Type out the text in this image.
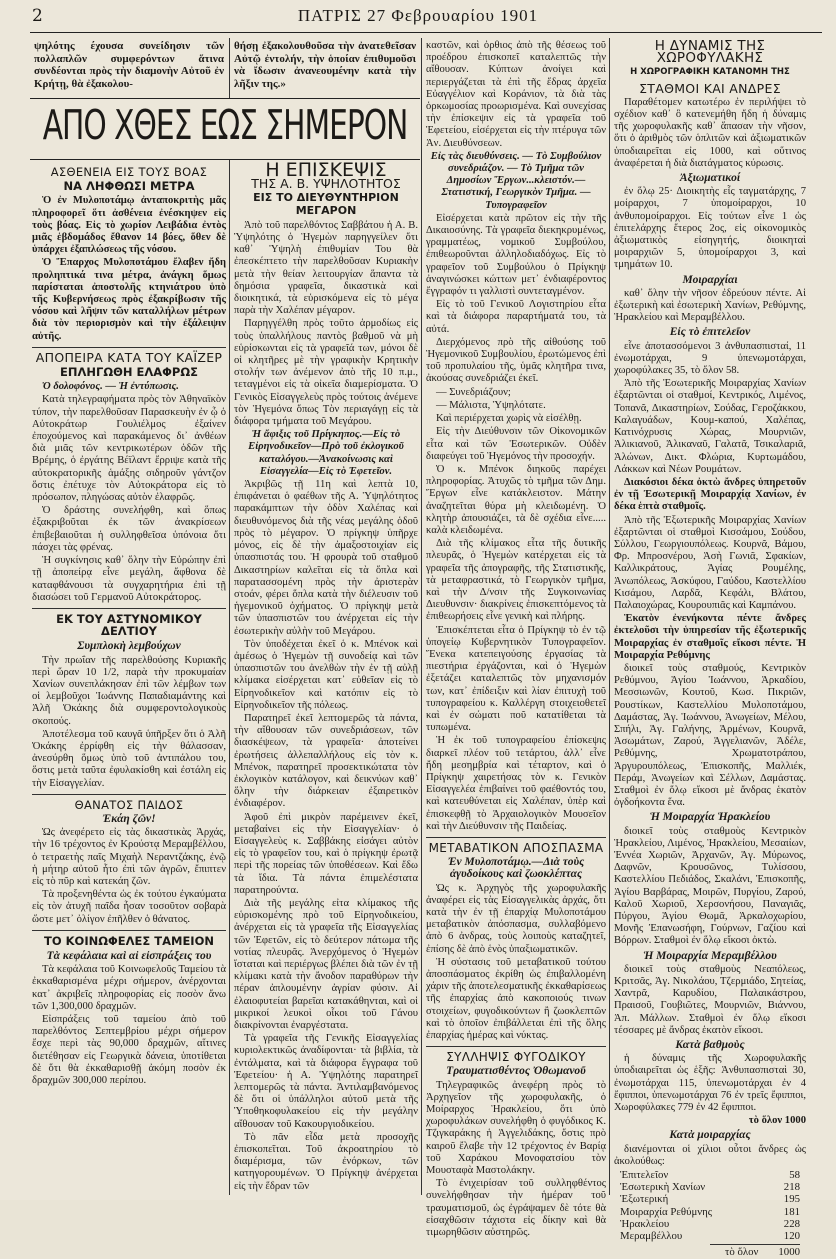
2	ΠΑΤΡΙΣ 27 Φεβρουαρίου 1901

ψηλότης έχουσα συνείδησιν τῶν πολλαπλῶν συμφερόντων ἅτινα συνδέονται πρὸς τὴν διαμονὴν Αὐτοῦ ἐν Κρήτῃ, θὰ ἐξακολου-

θήσῃ ἐξακολουθοῦσα τὴν ἀνατεθεῖσαν Αὐτῷ ἐντολήν, τὴν ὁποίαν ἐπιθυμοῦσι νὰ ἴδωσιν ἀνανεουμένην κατὰ τὴν λῆξιν της.»

ΑΠΟ ΧΘΕΣ ΕΩΣ ΣΗΜΕΡΟΝ
ΑΣΘΕΝΕΙΑ ΕΙΣ ΤΟΥΣ ΒΟΑΣ
ΝΑ ΛΗΦΘΩΣΙ ΜΕΤΡΑ

Ὁ ἐν Μυλοποτάμῳ ἀνταποκριτὴς μᾶς πληροφορεῖ ὅτι ἀσθένεια ἐνέσκηψεν εἰς τοὺς βόας. Εἰς τὸ χωρίον Λειβάδια ἐντὸς μιᾶς ἑβδομάδος ἔθανον 14 βόες, ὅθεν δὲ ὑπάρχει ἐξαπλώσεως τῆς νόσου.

Ὁ Ἔπαρχος Μυλοποτάμου ἔλαβεν ἤδη προληπτικά τινα μέτρα, ἀνάγκη ὅμως παρίσταται ἀποστολῆς κτηνιάτρου ὑπὸ τῆς Κυβερνήσεως πρὸς ἐξακρίβωσιν τῆς νόσου καὶ λῆψιν τῶν καταλλήλων μέτρων διὰ τὸν περιορισμὸν καὶ τὴν ἐξάλειψιν αὐτῆς.

ΑΠΟΠΕΙΡΑ ΚΑΤΑ ΤΟΥ ΚΑΪΖΕΡ
ΕΠΛΗΓΩΘΗ ΕΛΑΦΡΩΣ

Ὁ δολοφόνος. — Ἡ ἐντύπωσις.

Κατὰ τηλεγραφήματα πρὸς τὸν Ἀθηναϊκὸν τύπον, τὴν παρελθοῦσαν Παρασκευὴν ἐν ᾧ ὁ Αὐτοκράτωρ Γουλιέλμος ἐξαίνεν ἐποχούμενος καὶ παρακάμενος δι᾽ ἀνθέων διὰ μιᾶς τῶν κεντρικωτέρων ὁδῶν τῆς Βρέμης, ὁ ἐργάτης Βέϊλαντ ἔρριψε κατὰ τῆς αὐτοκρατορικῆς ἁμάξης σιδηροῦν γάντζον ὅστις ἐπέτυχε τὸν Αὐτοκράτορα εἰς τὸ πρόσωπον, πληγώσας αὐτὸν ἐλαφρῶς.

Ὁ δράστης συνελήφθη, καὶ ὅπως ἐξακριβοῦται ἐκ τῶν ἀνακρίσεων ἐπιβεβαιοῦται ἡ συλληφθεῖσα ὑπόνοια ὅτι πάσχει τὰς φρένας.

Ἡ συγκίνησις καθ᾽ ὅλην τὴν Εὐρώπην ἐπὶ τῇ ἀποπείρᾳ εἶνε μεγάλη, ἄφθονα δὲ καταφθάνουσι τὰ συγχαρητήρια ἐπὶ τῇ διασώσει τοῦ Γερμανοῦ Αὐτοκράτορος.

ΕΚ ΤΟΥ ΑΣΤΥΝΟΜΙΚΟΥ ΔΕΛΤΙΟΥ
Συμπλοκὴ λεμβούχων

Τὴν πρωΐαν τῆς παρελθούσης Κυριακῆς περὶ ὥραν 10 1/2, παρὰ τὴν προκυμαίαν Χανίων συνεπλάκησαν ἐπὶ τῶν λέμβων των οἱ λεμβοῦχοι Ἰωάννης Παπαδιαμάντης καὶ Ἀλῆ Ὀκάκης διὰ συμφεροντολογικοὺς σκοπούς.

Ἀποτέλεσμα τοῦ καυγᾶ ὑπῆρξεν ὅτι ὁ Ἀλῆ Ὀκάκης ἐρρίφθη εἰς τὴν θάλασσαν, ἀνεσύρθη ὅμως ὑπὸ τοῦ ἀντιπάλου του, ὅστις μετὰ ταῦτα ἐφυλακίσθη καὶ ἐστάλη εἰς τὴν Εἰσαγγελίαν.

ΘΑΝΑΤΟΣ ΠΑΙΔΟΣ
Ἐκάη ζῶν!

Ὡς ἀνεφέρετο εἰς τὰς δικαστικὰς Ἀρχάς, τὴν 16 τρέχοντος ἐν Κρούστᾳ Μεραμβέλλου, ὁ τετραετὴς παῖς Μιχαὴλ Νεραντζάκης, ἐνῷ ἡ μήτηρ αὐτοῦ ἦτο ἐπὶ τῶν ἀγρῶν, ἔπιπτεν εἰς τὸ πῦρ καὶ κατεκάη ζῶν.

Τὰ προξενηθέντα ὡς ἐκ τούτου ἐγκαύματα εἰς τὸν ἀτυχῆ παῖδα ἦσαν τοσοῦτον σοβαρὰ ὥστε μετ᾽ ὀλίγον ἐπῆλθεν ὁ θάνατος.

ΤΟ ΚΟΙΝΩΦΕΛΕΣ ΤΑΜΕΙΟΝ
Τὰ κεφάλαια καὶ αἱ εἰσπράξεις του

Τὰ κεφάλαια τοῦ Κοινωφελοῦς Ταμείου τὰ ἐκκαθαρισμένα μέχρι σήμερον, ἀνέρχονται κατ᾽ ἀκριβεῖς πληροφορίας εἰς ποσὸν ἄνω τῶν 1,300,000 δραχμῶν.

Εἰσπράξεις τοῦ ταμείου ἀπὸ τοῦ παρελθόντος Σεπτεμβρίου μέχρι σήμερον ἔσχε περὶ τὰς 90,000 δραχμῶν, αἵτινες διετέθησαν εἰς Γεωργικὰ δάνεια, ὑποτίθεται δὲ ὅτι θὰ ἐκκαθαρισθῇ ἀκόμη ποσὸν ἐκ δραχμῶν 300,000 περίπου.

Η ΕΠΙΣΚΕΨΙΣ
ΤΗΣ Α. Β. ΥΨΗΛΟΤΗΤΟΣ
ΕΙΣ ΤΟ ΔΙΕΥΘΥΝΤΗΡΙΟΝ ΜΕΓΑΡΟΝ

Ἀπὸ τοῦ παρελθόντος Σαββάτου ἡ Α. Β. Ὑψηλότης ὁ Ἡγεμὼν παρηγγείλεν ὅτι καθ᾽ Ὑψηλὴ ἐπιθυμίαν Του θὰ ἐπεσκέπτετο τὴν παρελθοῦσαν Κυριακὴν μετὰ τὴν θείαν λειτουργίαν ἅπαντα τὰ δημόσια γραφεῖα, δικαστικὰ καὶ διοικητικά, τὰ εὑρισκόμενα εἰς τὸ μέγα παρὰ τὴν Χαλέπαν μέγαρον.

Παρηγγέλθη πρὸς τοῦτο ἁρμοδίως εἰς τοὺς ὑπαλλήλους παντὸς βαθμοῦ νὰ μὴ εὑρίσκωνται εἰς τὰ γραφεῖά των, μόνοι δὲ οἱ κλητῆρες μὲ τὴν γραφικὴν Κρητικὴν στολήν των ἀνέμενον ἀπὸ τῆς 10 π.μ., τεταγμένοι εἰς τὰ οἰκεῖα διαμερίσματα. Ὁ Γενικὸς Εἰσαγγελεὺς πρὸς τούτοις ἀνέμενε τὸν Ἡγεμόνα ὅπως Τὸν περιαγάγῃ εἰς τὰ διάφορα τμήματα τοῦ Μεγάρου.

Ἡ ἄφιξις τοῦ Πρίγκηπος.—Εἰς τὸ Εἰρηνοδικεῖον—Πρὸ τοῦ ἐκλογικοῦ καταλόγου.—Ἀνακοίνωσις καὶ Εἰσαγγελία—Εἰς τὸ Ἐφετεῖον.

Ἀκριβῶς τῇ 11η καὶ λεπτὰ 10, ἐπιφάνεται ὁ φαέθων τῆς Α. Ὑψηλότητος παρακάμπτων τὴν ὁδὸν Χαλέπας καὶ διευθυνόμενος διὰ τῆς νέας μεγάλης ὁδοῦ πρὸς τὸ μέγαρον. Ὁ πρίγκηψ ὑπῆρχε μόνος, εἰς δὲ τὴν ἀμαξοστοιχίαν εἰς ὑπασπιστάς του. Ἡ φρουρὰ τοῦ σταθμοῦ Δικαστηρίων καλεῖται εἰς τὰ ὅπλα καὶ παρατασσομένη πρὸς τὴν ἀριστερὰν στοάν, φέρει ὅπλα κατὰ τὴν διέλευσιν τοῦ ἡγεμονικοῦ ὀχήματος. Ὁ πρίγκηψ μετὰ τῶν ὑπασπιστῶν του ἀνέρχεται εἰς τὴν ἐσωτερικὴν αὐλὴν τοῦ Μεγάρου.

Τὸν ὑποδέχεται ἐκεῖ ὁ κ. Μπένοκ καὶ ἀμέσως ὁ Ἡγεμὼν τῇ συνοδείᾳ καὶ τῶν ὑπασπιστῶν του ἀνελθὼν τὴν ἐν τῇ αὐλῇ κλίμακα εἰσέρχεται κατ᾽ εὐθεῖαν εἰς τὸ Εἰρηνοδικεῖον καὶ κατόπιν εἰς τὸ Εἰρηνοδικεῖον τῆς πόλεως.

Παρατηρεῖ ἐκεῖ λεπτομερῶς τὰ πάντα, τὴν αἴθουσαν τῶν συνεδριάσεων, τῶν διασκέψεων, τὰ γραφεῖα· ἀποτείνει ἐρωτήσεις ἀλλεπαλλήλους εἰς τὸν κ. Μπένοκ, παρατηρεῖ προσεκτικώτατα τὸν ἐκλογικὸν κατάλογον, καὶ δεικνύων καθ᾽ ὅλην τὴν διάρκειαν ἐξαιρετικὸν ἐνδιαφέρον.

Ἀφοῦ ἐπὶ μικρὸν παρέμεινεν ἐκεῖ, μεταβαίνει εἰς τὴν Εἰσαγγελίαν· ὁ Εἰσαγγελεὺς κ. Σαββάκης εἰσάγει αὐτὸν εἰς τὸ γραφεῖον του, καὶ ὁ πρίγκηψ ἐρωτᾷ περὶ τῆς πορείας τῶν ὑποθέσεων. Καὶ ἔδω τὰ ἴδια. Τὰ πάντα ἐπιμελέστατα παρατηρούντα.

Διὰ τῆς μεγάλης εἰτα κλίμακος τῆς εὑρισκομένης πρὸ τοῦ Εἰρηνοδικείου, ἀνέρχεται εἰς τὰ γραφεῖα τῆς Εἰσαγγελίας τῶν Ἐφετῶν, εἰς τὸ δεύτερον πάτωμα τῆς νοτίας πλευρᾶς. Ἀνερχόμενος ὁ Ἡγεμὼν ἵσταται καὶ περιέργως βλέπει διὰ τῶν ἐν τῇ κλίμακι κατὰ τὴν ἄνοδον παραθύρων τὴν πέραν ἀπλουμένην ἀγρίαν φύσιν. Αἱ ἐλαιοφυτείαι βαρεῖαι κατακάθηνται, καὶ οἱ μικρικοί λευκοὶ οἶκοι τοῦ Γάνου διακρίνονται ἐναργέστατα.

Τὰ γραφεῖα τῆς Γενικῆς Εἰσαγγελίας κυριολεκτικῶς ἀναδίφονται· τὰ βιβλία, τὰ ἐντάλματα, καὶ τὰ διάφορα ἔγγραφα τοῦ Ἐφετείου· ἡ Α. Ὑψηλότης παρατηρεῖ λεπτομερῶς τὰ πάντα. Ἀντιλαμβανόμενος δὲ ὅτι οἱ ὑπάλληλοι αὐτοῦ μετὰ τῆς Ὑποθηκοφυλακείου εἰς τὴν μεγάλην αἴθουσαν τοῦ Κακουργιοδικείου.

Τὸ πᾶν εἶδα μετὰ προσοχῆς ἐπισκοπεῖται. Τοῦ ἀκροατηρίου τὸ διαμέρισμα, τῶν ἐνόρκων, τῶν κατηγορουμένων. Ὁ Πρίγκηψ ἀνέρχεται εἰς τὴν ἕδραν τῶν

καστῶν, καὶ ὀρθιος ἀπὸ τῆς θέσεως τοῦ προέδρου ἐπισκοπεῖ καταλεπτῶς τὴν αἴθουσαν. Κύπτων ἀνοίγει καὶ περιεργάζεται τὰ ἐπὶ τῆς ἕδρας ἀρχεῖα Εὐαγγέλιον καὶ Κοράνιον, τὰ διὰ τὰς ὁρκωμοσίας προωρισμένα. Καὶ συνεχίσας τὴν ἐπίσκεψιν εἰς τὰ γραφεῖα τοῦ Ἐφετείου, εἰσέρχεται εἰς τὴν πτέρυγα τῶν Ἀν. Διευθύνσεων.

Εἰς τὰς διευθύνσεις. — Τὸ Συμβούλιον συνεδριάζον. — Τὸ Τμῆμα τῶν Δημοσίων Ἔργων...κλειστόν.— Στατιστική, Γεωργικὸν Τμῆμα. — Τυπογραφεῖον

Εἰσέρχεται κατὰ πρῶτον εἰς τὴν τῆς Δικαιοσύνης. Τὰ γραφεῖα διεκηκρυμένως, γραμματέως, νομικοῦ Συμβούλου, ἐπιθεωροῦνται ἀλληλοδιαδόχως. Εἰς τὸ γραφεῖον τοῦ Συμβούλου ὁ Πρίγκηψ ἀναγινώσκει κώττων μετ᾽ ἐνδιαφέροντος ἔγγραφόν τι γαλλιστὶ συντεταγμένον.

Εἰς τὸ τοῦ Γενικοῦ Λογιστηρίου εἶτα καὶ τὰ διάφορα παραρτήματά του, τὰ αὐτά.

Διερχόμενος πρὸ τῆς αἰθούσης τοῦ Ἡγεμονικοῦ Συμβουλίου, ἐρωτώμενος ἐπὶ τοῦ προπυλαίου τῆς, ὑμᾶς κλητῆρα τινα, ἀκούσας συνεδριάζει ἐκεῖ.

— Συνεδριάζουν;

— Μάλιστα, Ὑψηλότατε.

Καὶ περιέρχεται χωρὶς νὰ εἰσέλθῃ.

Εἰς τὴν Διεύθυνσιν τῶν Οἰκονομικῶν εἶτα καὶ τῶν Ἐσωτερικῶν. Οὐδὲν διαφεύγει τοῦ Ἡγεμόνος τὴν προσοχήν.

Ὁ κ. Μπένοκ διηκοῦς παρέχει πληροφορίας. Ἀτυχῶς τὸ τμῆμα τῶν Δημ. Ἔργων εἶνε κατάκλειστον. Μάτην ἀναζητεῖται θύρα μὴ κλειδωμένη. Ὁ κλητὴρ ἀπουσιάζει, τὰ δὲ σχέδια εἶνε..... καλὰ κλειδωμένα.

Διὰ τῆς κλίμακος εἶτα τῆς δυτικῆς πλευρᾶς, ὁ Ἡγεμὼν κατέρχεται εἰς τὰ γραφεῖα τῆς ἀπογραφῆς, τῆς Στατιστικῆς, τὰ μεταφραστικά, τὸ Γεωργικὸν τμῆμα, καὶ τὴν Δ/νσιν τῆς Συγκοινωνίας Διευθυνσιν· διακρίνεις ἐπισκεπτόμενος τὰ ἐπιθεωρήσεις εἶνε γενικὴ καὶ πλήρης.

Ἐπισκέπτεται εἶτα ὁ Πρίγκηψ τὸ ἐν τῷ ὑπογείῳ Κυβερνητικὸν Τυπογραφεῖον. Ἕνεκα κατεπειγούσης ἐργασίας τὰ πιεστήρια ἐργάζονται, καὶ ὁ Ἡγεμὼν ἐξετάζει καταλεπτῶς τὸν μηχανισμόν των, κατ᾽ ἐπίδειξιν καὶ λίαν ἐπιτυχὴ τοῦ τυπογραφείου κ. Καλλέργη στοιχειοθετεῖ καὶ ἐν σώματι ποῦ κατατίθεται τὰ τυπωμένα.

Ἡ ἐκ τοῦ τυπογραφείου ἐπίσκεψις διαρκεῖ πλέον τοῦ τετάρτου, ἀλλ᾽ εἶνε ἤδη μεσημβρία καὶ τέταρτον, καὶ ὁ Πρίγκηψ χαιρετήσας τὸν κ. Γενικὸν Εἰσαγγελέα ἐπιβαίνει τοῦ φαέθοντός του, καὶ κατευθύνεται εἰς Χαλέπαν, ὑπὲρ καὶ ἐπισκεφθῇ τὸ Ἀρχαιολογικὸν Μουσεῖον καὶ τὴν Διεύθυνσιν τῆς Παιδείας.

ΜΕΤΑΒΑΤΙΚΟΝ ΑΠΟΣΠΑΣΜΑ
Ἐν Μυλοποτάμῳ.—Διὰ τοὺς ἀγυδοίκους καὶ ζωοκλέπτας

Ὡς κ. Ἀρχηγὸς τῆς χωροφυλακῆς ἀναφέρει εἰς τὰς Εἰσαγγελικὰς ἀρχάς, ὅτι κατὰ τὴν ἐν τῇ ἐπαρχίᾳ Μυλοποτάμου μεταβατικὸν ἀπόσπασμα, συλλαβόμενο ἀπὸ 6 ἀνδρας, τοὺς λοιποὺς καταζητεῖ, ἐπίσης δὲ ἀπὸ ἑνὸς ὑπαξιωματικῶν.

Ἡ σύστασις τοῦ μεταβατικοῦ τούτου ἀποσπάσματος ἐκρίθη ὡς ἐπιβαλλομένη χάριν τῆς ἀποτελεσματικῆς ἐκκαθαρίσεως τῆς ἐπαρχίας ἀπὸ κακοποιούς τινων στοιχείων, φυγοδικούντων ἢ ζωοκλεπτῶν καὶ τὸ ὁποῖον ἐπιβάλλεται ἐπὶ τῆς ὅλης ἐπαρχίας ἡμέρας καὶ νύκτας.

ΣΥΛΛΗΨΙΣ ΦΥΓΟΔΙΚΟΥ
Τραυματισθέντος Ὀθωμανοῦ

Τηλεγραφικῶς ἀνεφέρη πρὸς τὸ Ἀρχηγεῖον τῆς χωροφυλακῆς, ὁ Μοίραρχος Ἡρακλείου, ὅτι ὑπὸ χωροφυλάκων συνελήφθη ὁ φυγόδικος Κ. Τζιγκαράκης ἡ Ἀγγελιδάκης, ὅστις πρὸ καιροῦ ἔλαβε τὴν 12 τρέχοντος ἐν Βαρίᾳ τοῦ Χαράκου Μονοφατσίου τὸν Μουσταφὰ Μαστολάκην.

Τὸ ἐνιχειρίσαν τοῦ συλληφθέντος συνελήφθησαν τὴν ἡμέραν τοῦ τραυματισμοῦ, ὡς ἐγράψαμεν δὲ τότε θὰ εἰσαχθῶσιν τάχιστα εἰς δίκην καὶ θὰ τιμωρηθῶσιν αὐστηρῶς.

Η ΔΥΝΑΜΙΣ ΤΗΣ ΧΩΡΟΦΥΛΑΚΗΣ
Η ΧΩΡΟΓΡΑΦΙΚΗ ΚΑΤΑΝΟΜΗ ΤΗΣ
ΣΤΑΘΜΟΙ ΚΑΙ ΑΝΔΡΕΣ

Παραθέτομεν κατωτέρω ἐν περιλήψει τὸ σχέδιον καθ᾽ ὃ κατενεμήθη ἤδη ἡ δύναμις τῆς χωροφυλακῆς καθ᾽ ἅπασαν τὴν νῆσον, ὅτι ὁ ἀριθμὸς τῶν ὁπλιτῶν καὶ ἀξιωματικῶν ὑποδιαιρεῖται εἰς 1000, καὶ οὕτινος ἀναφέρεται ἡ διὰ διατάγματος κύρωσις.

Ἀξιωματικοί

ἐν ὅλῳ 25· Διοικητὴς εἷς ταγματάρχης, 7 μοίραρχοι, 7 ὑπομοίραρχοι, 10 ἀνθυπομοίραρχοι. Εἰς τούτων εἶνε 1 ὡς ἐπιτελάρχης ἕτερος 2ος, εἰς οἰκονομικὸς ἀξιωματικὸς εἰσηγητής, διοικηταὶ μοιραρχιῶν 5, ὑπομοίραρχοι 3, καὶ τμημάτων 10.

Μοιραρχίαι

καθ᾽ ὅλην τὴν νῆσον ἐδρεύουν πέντε. Αἱ ἐξωτερικὴ καὶ ἐσωτερικὴ Χανίων, Ρεθύμνης, Ἡρακλείου καὶ Μεραμβέλλου.

Εἰς τὸ ἐπιτελεῖον

εἶνε ἀποτασσόμενοι 3 ἀνθυπασπισταί, 11 ἐνωμοτάρχαι, 9 ὑπενωμοτάρχαι, χωροφύλακες 35, τὸ ὅλον 58.

Ἀπὸ τῆς Ἐσωτερικῆς Μοιραρχίας Χανίων ἐξαρτῶνται οἱ σταθμοί, Κεντρικός, Λιμένος, Τοπανᾶ, Δικαστηρίων, Σούδας, Γεροζάκκου, Καλαγυάδων, Κουμ-καπού, Χαλέπας, Κατινόχρυσις Χώρας, Μουρνιῶν, Ἁλικιανοῦ, Ἀλικαναῦ, Γαλατᾶ, Τσικαλαριᾶ, Ἀλώνων, Δικτ. Φλώρια, Κυρτωμάδου, Λάκκων καὶ Νέων Ρουμάτων.

Διακόσιοι δέκα ὀκτὼ ἄνδρες ὑπηρετοῦν ἐν τῇ Ἐσωτερικῇ Μοιραρχίᾳ Χανίων, ἐν δέκα ἑπτὰ σταθμοῖς.

Ἀπὸ τῆς Ἐξωτερικῆς Μοιραρχίας Χανίων ἐξαρτῶνται οἱ σταθμοὶ Κισσάμου, Σούδου, Σύλλου, Γεωργιουπόλεως. Κουρνᾶ, Βάμου, Φρ. Μπροσνέρου, Ἀσὴ Γωνιᾶ, Σφακίων, Καλλικράτους, Ἁγίας Ρουμέλης, Ἀνωπόλεως, Ἀσκύφου, Γαύδου, Καστελλίου Κισάμου, Λαρδᾶ, Κεφάλι, Βλάτου, Παλαιοχώρας, Κουρουπιᾶς καὶ Καμπάνου.

Ἑκατὸν ἐνενήκοντα πέντε ἄνδρες ἐκτελοῦσι τὴν ὑπηρεσίαν τῆς ἐξωτερικῆς Μοιραρχίας ἐν σταθμοῖς εἴκοσι πέντε. Ἡ Μοιραρχία Ρεθύμνης

διοικεῖ τοὺς σταθμούς, Κεντρικὸν Ρεθύμνου, Ἁγίου Ἰωάννου, Ἀρκαδίου, Μεσσιωνῶν, Κουτοῦ, Κωσ. Πικριῶν, Ρουστίκων, Καστελλίου Μυλοποτάμου, Δαμάστας, Ἀγ. Ἰωάννου, Ἀνωγείων, Μέλου, Σπήλι, Ἀγ. Γαλήνης, Ἀρμένων, Κουρνᾶ, Ἀσωμάτων, Ζαρού, Ἀγγελιανῶν, Ἀδέλε, Ρεθύμνης, Χρωματοτράπου, Ἀργυρουπόλεως, Ἐπισκοπῆς, Μαλλιέκ, Περάμ, Ἀνωγείων καὶ Σέλλων, Δαμάστας. Σταθμοὶ ἐν ὅλῳ εἴκοσι μὲ ἄνδρας ἑκατὸν ὀγδοήκοντα ἕνα.

Ἡ Μοιραρχία Ἡρακλείου

διοικεῖ τοὺς σταθμοὺς Κεντρικὸν Ἡρακλείου, Λιμένος, Ἡρακλείου, Μεσαιίων, Ἐννέα Χωριῶν, Ἀρχανῶν, Ἀγ. Μύρωνος, Δαφνῶν, Κρουσῶνος, Τυλίσσου, Καστελλίου Πεδιάδος, Σκαλάνι, Ἐπισκοπῆς, Ἁγίου Βαρβάρας, Μοιρῶν, Πυργίου, Ζαρού, Καλοῦ Χωριοῦ, Χερσονήσου, Παναγιᾶς, Πύργου, Ἁγίου Θωμᾶ, Ἀρκαλοχωρίου, Μονῆς Ἐπανωσήφη, Γούρνων, Γαζίου καὶ Βόρρων. Σταθμοὶ ἐν ὅλῳ εἴκοσι ὀκτὼ.

Ἡ Μοιραρχία Μεραμβέλλου

διοικεῖ τοὺς σταθμοὺς Νεαπόλεως, Κριτσᾶς, Ἀγ. Νικολάου, Τζερμιάδο, Σητείας, Χαντρᾶ, Καρυδίου, Παλαικάστρου, Πραισοῦ, Γουβιῶτες, Μουρνιῶν, Βιάννου, Ἀπ. Μάλλων. Σταθμοὶ ἐν ὅλῳ εἴκοσι τέσσαρες μὲ ἄνδρας ἑκατὸν εἴκοσι.

Κατὰ βαθμοὺς

ἡ δύναμις τῆς Χωροφυλακῆς ὑποδιαιρεῖται ὡς ἑξῆς: Ἀνθυπασπισταὶ 30, ἐνωμοτάρχαι 115, ὑπενωμοτάρχαι ἐν 4 ἔφιπποι, ὑπενωμοτάρχαι 76 ἐν τρεῖς ἔφιπποι, Χωροφύλακες 779 ἐν 42 ἔφιπποι.

τὸ ὅλον 1000
Κατὰ μοιραρχίας

διανέμονται οἱ χίλιοι οὗτοι ἄνδρες ὡς ἀκολούθως:

Ἐπιτελεῖον	58
Ἐσωτερικὴ Χανίων	218
Ἐξωτερική	195
Μοιραρχία Ρεθύμνης	181
Ἡρακλείου	228
Μεραμβέλλου	120
τὸ ὅλον 1000
